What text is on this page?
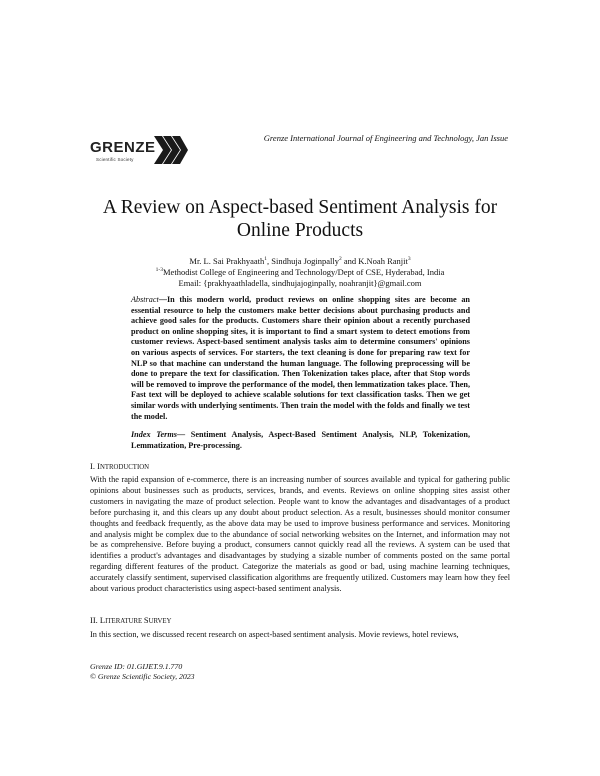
GRENZE
Scientific Society
Grenze International Journal of Engineering and Technology, Jan Issue
A Review on Aspect-based Sentiment Analysis for Online Products
Mr. L. Sai Prakhyaath$^1$, Sindhuja Joginpally$^2$ and K.Noah Ranjit$^3$
$^{1-3}$Methodist College of Engineering and Technology/Dept of CSE, Hyderabad, India
Email: {prakhyaathladella, sindhujajoginpally, noahranjit}@gmail.com
Abstract—In this modern world, product reviews on online shopping sites are become an essential resource to help the customers make better decisions about purchasing products and achieve good sales for the products. Customers share their opinion about a recently purchased product on online shopping sites, it is important to find a smart system to detect emotions from customer reviews. Aspect-based sentiment analysis tasks aim to determine consumers' opinions on various aspects of services. For starters, the text cleaning is done for preparing raw text for NLP so that machine can understand the human language. The following preprocessing will be done to prepare the text for classification. Then Tokenization takes place, after that Stop words will be removed to improve the performance of the model, then lemmatization takes place. Then, Fast text will be deployed to achieve scalable solutions for text classification tasks. Then we get similar words with underlying sentiments. Then train the model with the folds and finally we test the model.
Index Terms— Sentiment Analysis, Aspect-Based Sentiment Analysis, NLP, Tokenization, Lemmatization, Pre-processing.
I. INTRODUCTION
With the rapid expansion of e-commerce, there is an increasing number of sources available and typical for gathering public opinions about businesses such as products, services, brands, and events. Reviews on online shopping sites assist other customers in navigating the maze of product selection. People want to know the advantages and disadvantages of a product before purchasing it, and this clears up any doubt about product selection. As a result, businesses should monitor consumer thoughts and feedback frequently, as the above data may be used to improve business performance and services. Monitoring and analysis might be complex due to the abundance of social networking websites on the Internet, and information may not be as comprehensive. Before buying a product, consumers cannot quickly read all the reviews. A system can be used that identifies a product's advantages and disadvantages by studying a sizable number of comments posted on the same portal regarding different features of the product. Categorize the materials as good or bad, using machine learning techniques, accurately classify sentiment, supervised classification algorithms are frequently utilized. Customers may learn how they feel about various product characteristics using aspect-based sentiment analysis.
II. LITERATURE SURVEY
In this section, we discussed recent research on aspect-based sentiment analysis. Movie reviews, hotel reviews,
Grenze ID: 01.GIJET.9.1.770
© Grenze Scientific Society, 2023
